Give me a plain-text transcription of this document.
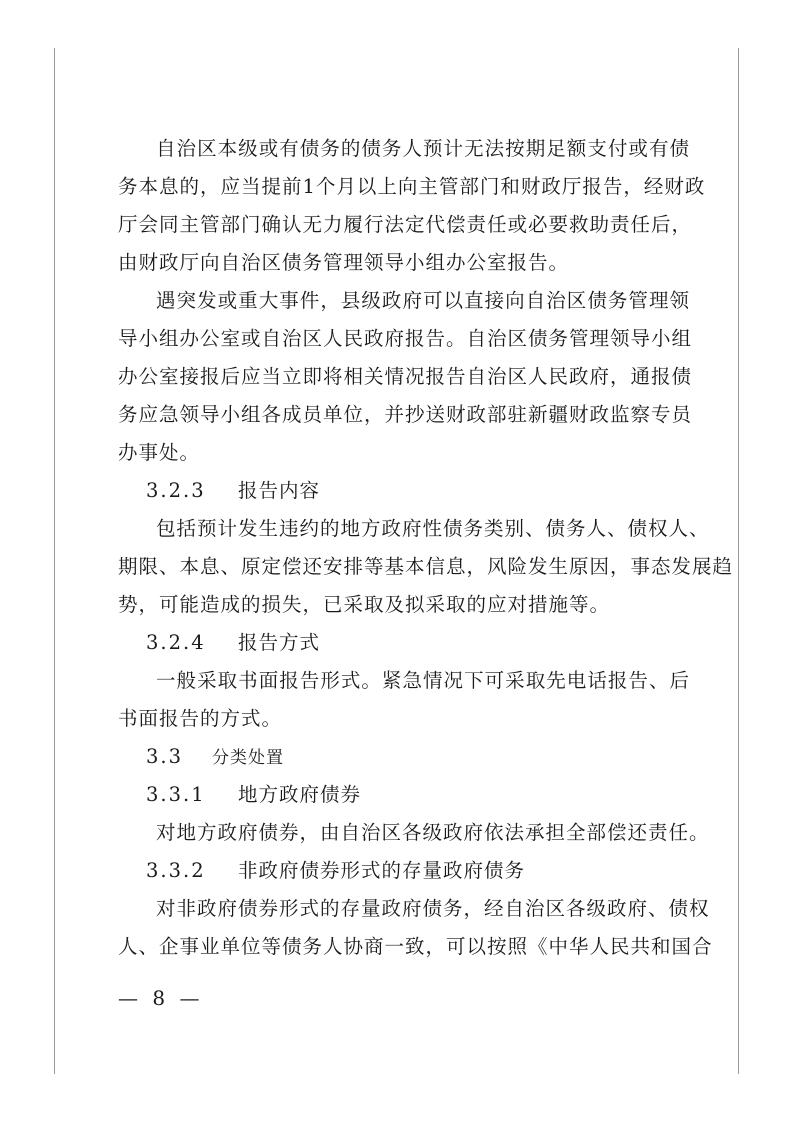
自治区本级或有债务的债务人预计无法按期足额支付或有债
务本息的，应当提前1个月以上向主管部门和财政厅报告，经财政
厅会同主管部门确认无力履行法定代偿责任或必要救助责任后，
由财政厅向自治区债务管理领导小组办公室报告。
遇突发或重大事件，县级政府可以直接向自治区债务管理领
导小组办公室或自治区人民政府报告。自治区债务管理领导小组
办公室接报后应当立即将相关情况报告自治区人民政府，通报债
务应急领导小组各成员单位，并抄送财政部驻新疆财政监察专员
办事处。
3.2.3 报告内容
包括预计发生违约的地方政府性债务类别、债务人、债权人、
期限、本息、原定偿还安排等基本信息，风险发生原因，事态发展趋
势，可能造成的损失，已采取及拟采取的应对措施等。
3.2.4 报告方式
一般采取书面报告形式。紧急情况下可采取先电话报告、后
书面报告的方式。
3.3 分类处置
3.3.1 地方政府债券
对地方政府债券，由自治区各级政府依法承担全部偿还责任。
3.3.2 非政府债券形式的存量政府债务
对非政府债券形式的存量政府债务，经自治区各级政府、债权
人、企事业单位等债务人协商一致，可以按照《中华人民共和国合
— 8 —
